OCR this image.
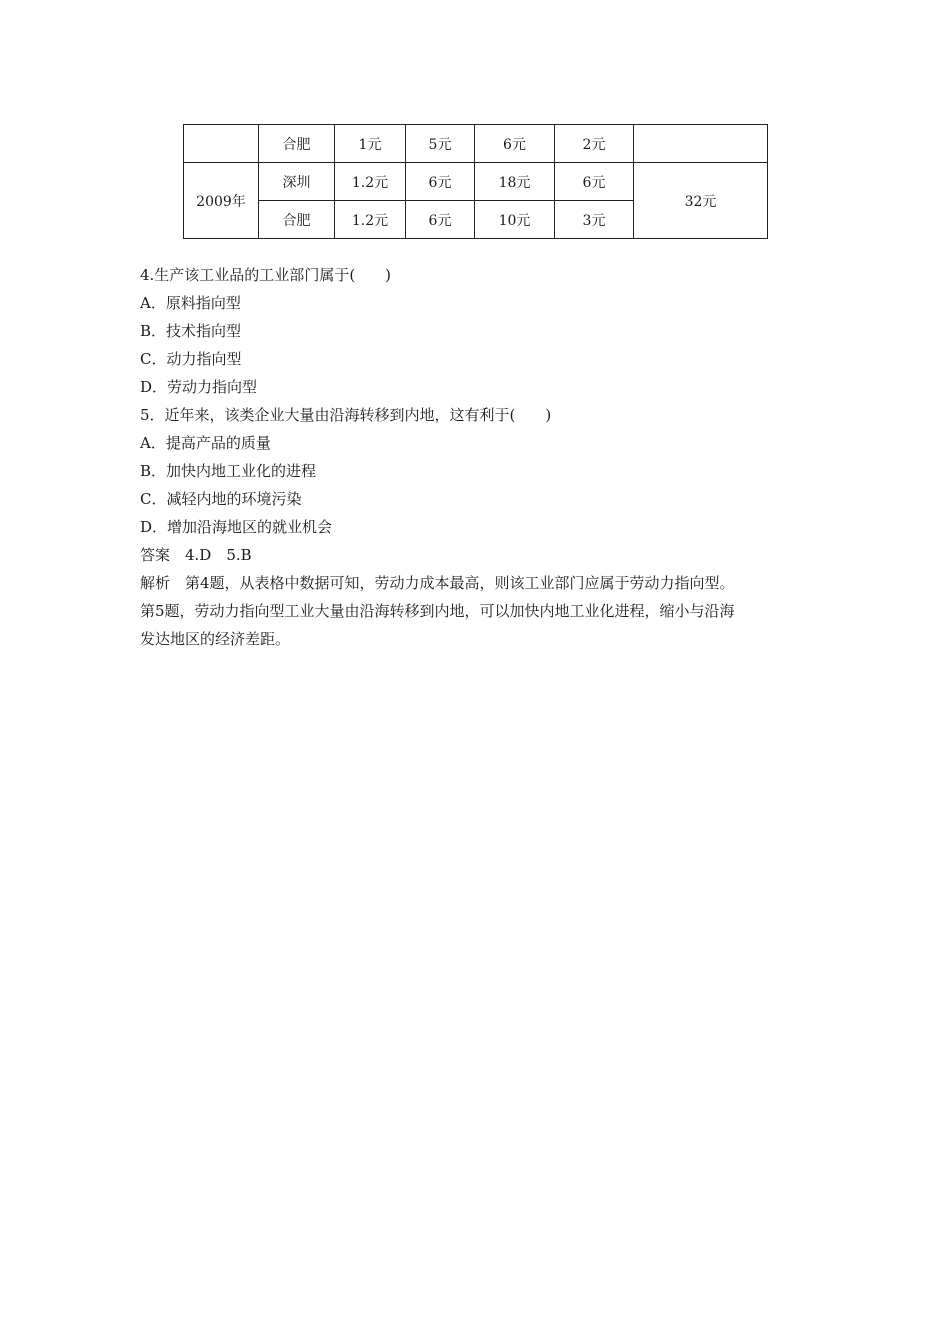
	合肥	1元	5元	6元	2元	
2009年	深圳	1.2元	6元	18元	6元	32元
	合肥	1.2元	6元	10元	3元	
4.生产该工业品的工业部门属于(　　)
A．原料指向型
B．技术指向型
C．动力指向型
D．劳动力指向型
5．近年来，该类企业大量由沿海转移到内地，这有利于(　　)
A．提高产品的质量
B．加快内地工业化的进程
C．减轻内地的环境污染
D．增加沿海地区的就业机会
答案　4.D　5.B
解析　第4题，从表格中数据可知，劳动力成本最高，则该工业部门应属于劳动力指向型。
第5题，劳动力指向型工业大量由沿海转移到内地，可以加快内地工业化进程，缩小与沿海
发达地区的经济差距。
